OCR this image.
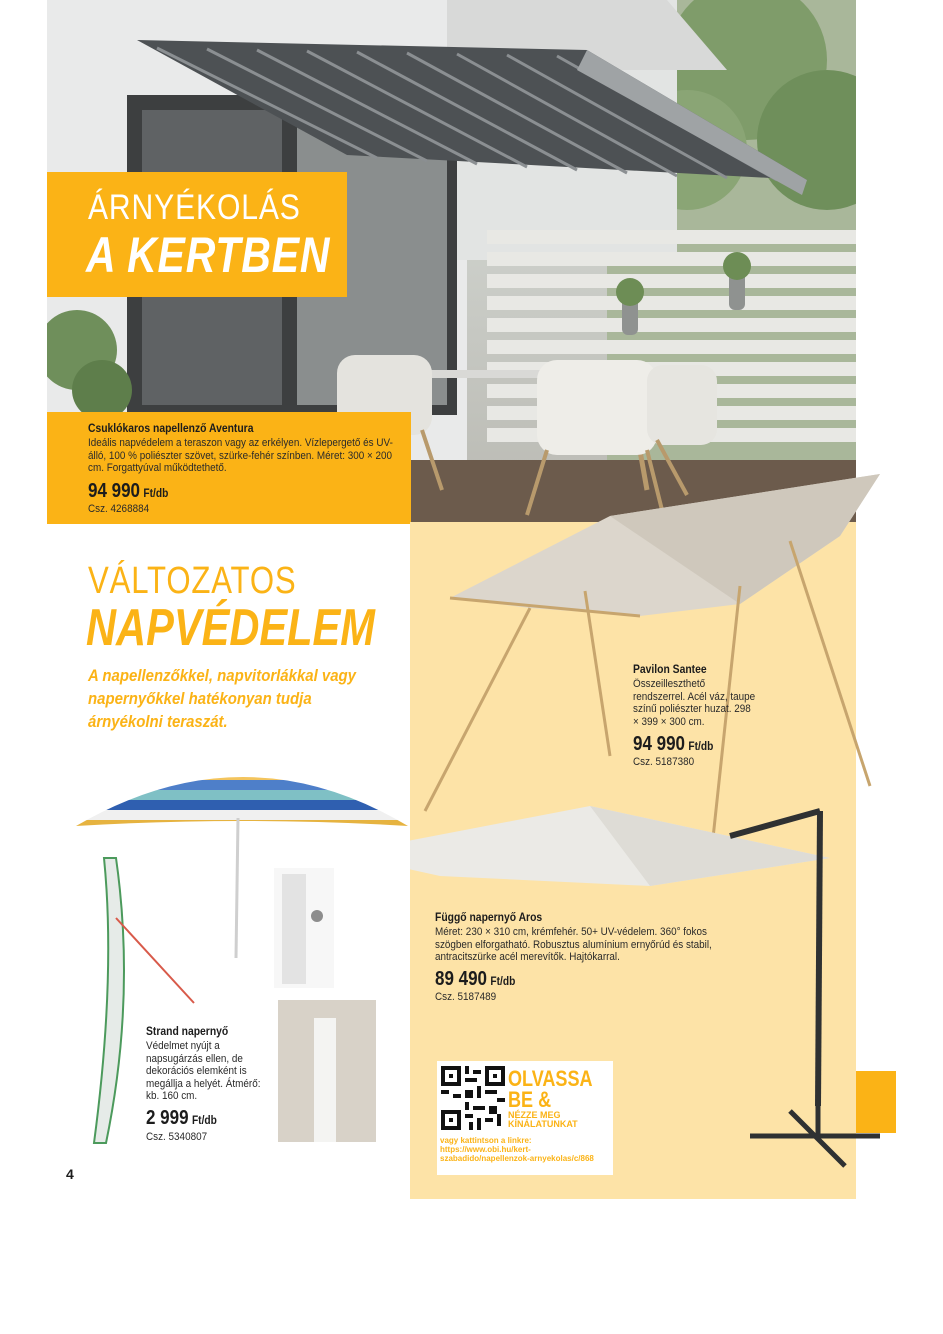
ÁRNYÉKOLÁS
A KERTBEN
Csuklókaros napellenző Aventura
Ideális napvédelem a teraszon vagy az erkélyen. Vízlepergető és UV-álló, 100 % poliészter szövet, szürke-fehér színben. Méret: 300 × 200 cm. Forgattyúval működtethető.
94 990 Ft/db
Csz. 4268884
Pavilon Santee
Összeilleszthető rendszerrel. Acél váz, taupe színű poliészter huzat. 298 × 399 × 300 cm.
94 990 Ft/db
Csz. 5187380
Függő napernyő Aros
Méret: 230 × 310 cm, krémfehér. 50+ UV-védelem. 360° fokos szögben elforgatható. Robusztus alumínium ernyőrúd és stabil, antracitszürke acél merevítők. Hajtókarral.
89 490 Ft/db
Csz. 5187489
Strand napernyő
Védelmet nyújt a napsugárzás ellen, de dekorációs elemként is megállja a helyét. Átmérő: kb. 160 cm.
2 999 Ft/db
Csz. 5340807
VÁLTOZATOS
NAPVÉDELEM
A napellenzőkkel, napvitorlákkal vagy napernyőkkel hatékonyan tudja árnyékolni teraszát.
OLVASSA
BE &
NÉZZE MEG KÍNÁLATUNKAT
vagy kattintson a linkre: https://www.obi.hu/kert-szabadido/napellenzok-arnyekolas/c/868
4
